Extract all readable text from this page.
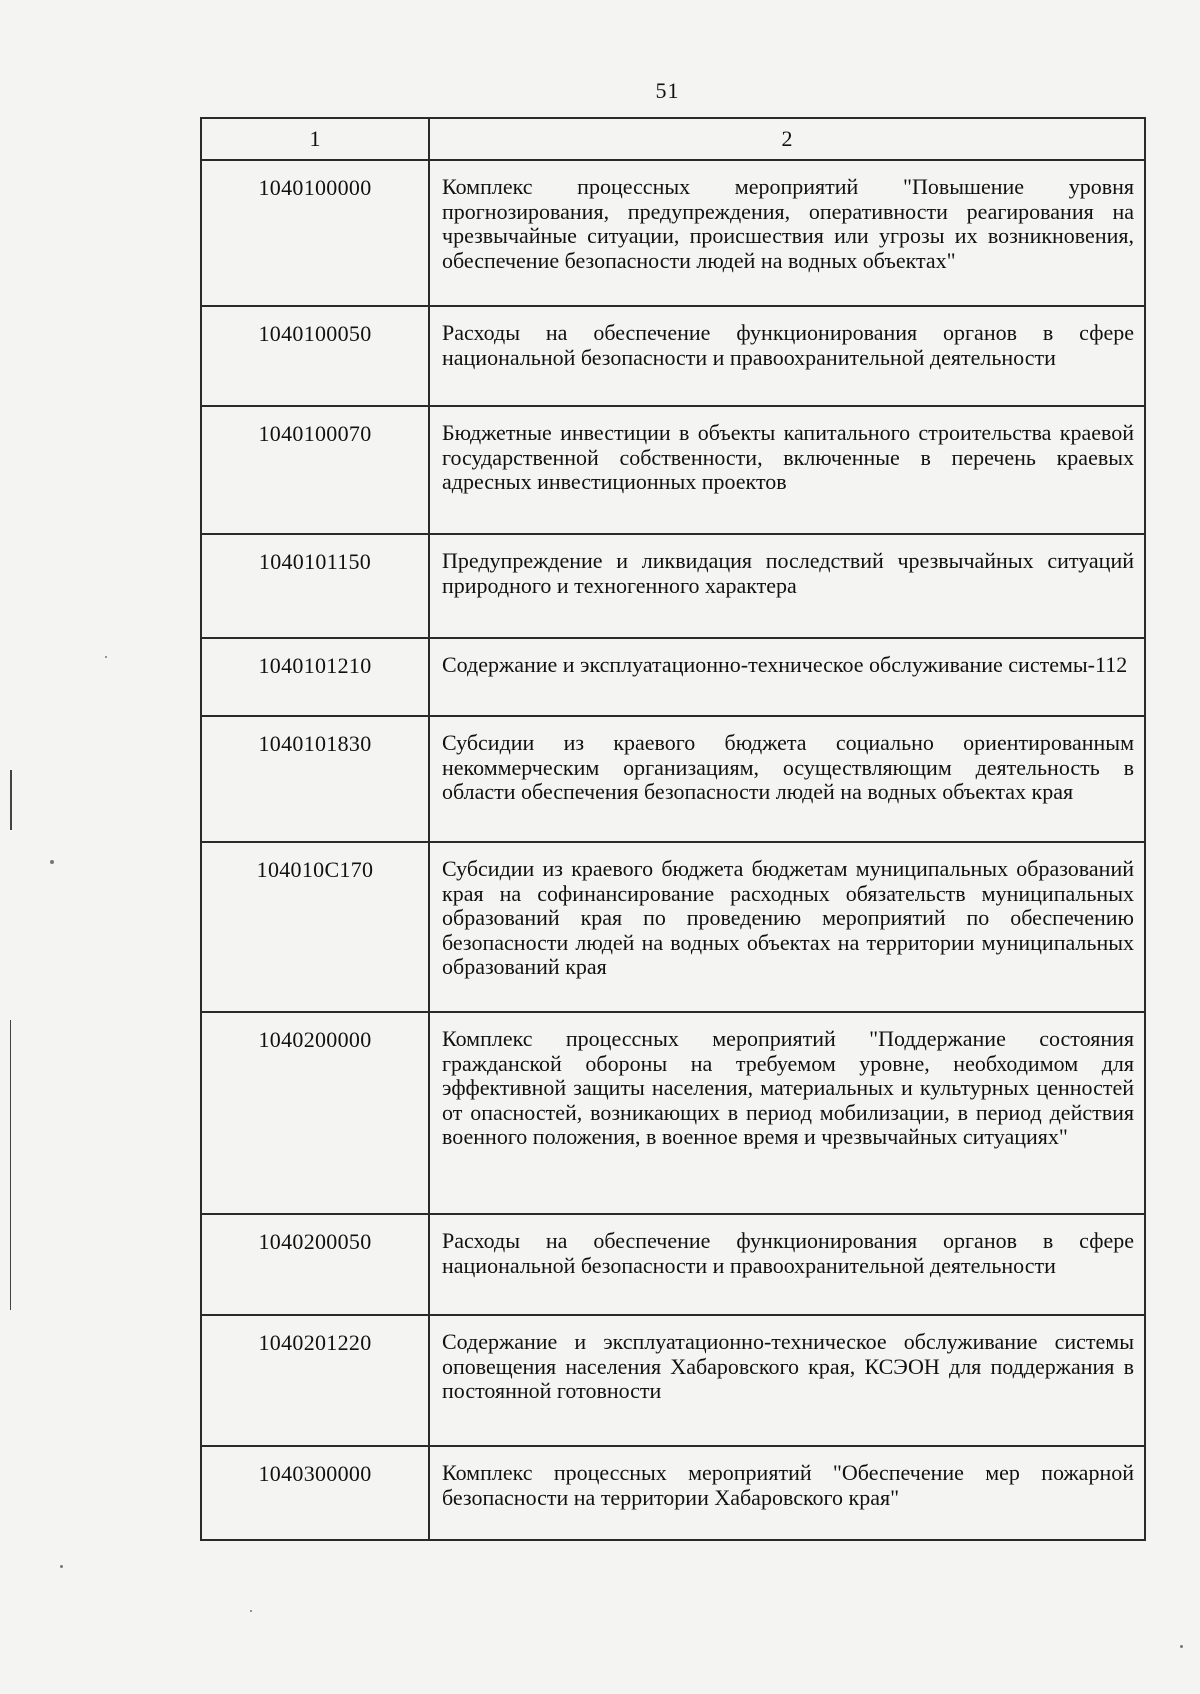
51
1	2
1040100000	Комплекс процессных мероприятий "Повышение уровня прогнозирования, предупреждения, оперативности реагирования на чрезвычайные ситуации, происшествия или угрозы их возникновения, обеспечение безопасности людей на водных объектах"
1040100050	Расходы на обеспечение функционирования органов в сфере национальной безопасности и правоохранительной деятельности
1040100070	Бюджетные инвестиции в объекты капитального строительства краевой государственной собственности, включенные в перечень краевых адресных инвестиционных проектов
1040101150	Предупреждение и ликвидация последствий чрезвычайных ситуаций природного и техногенного характера
1040101210	Содержание и эксплуатационно-техническое обслуживание системы-112
1040101830	Субсидии из краевого бюджета социально ориентированным некоммерческим организациям, осуществляющим деятельность в области обеспечения безопасности людей на водных объектах края
104010С170	Субсидии из краевого бюджета бюджетам муниципальных образований края на софинансирование расходных обязательств муниципальных образований края по проведению мероприятий по обеспечению безопасности людей на водных объектах на территории муниципальных образований края
1040200000	Комплекс процессных мероприятий "Поддержание состояния гражданской обороны на требуемом уровне, необходимом для эффективной защиты населения, материальных и культурных ценностей от опасностей, возникающих в период мобилизации, в период действия военного положения, в военное время и чрезвычайных ситуациях"
1040200050	Расходы на обеспечение функционирования органов в сфере национальной безопасности и правоохранительной деятельности
1040201220	Содержание и эксплуатационно-техническое обслуживание системы оповещения населения Хабаровского края, КСЭОН для поддержания в постоянной готовности
1040300000	Комплекс процессных мероприятий "Обеспечение мер пожарной безопасности на территории Хабаровского края"
